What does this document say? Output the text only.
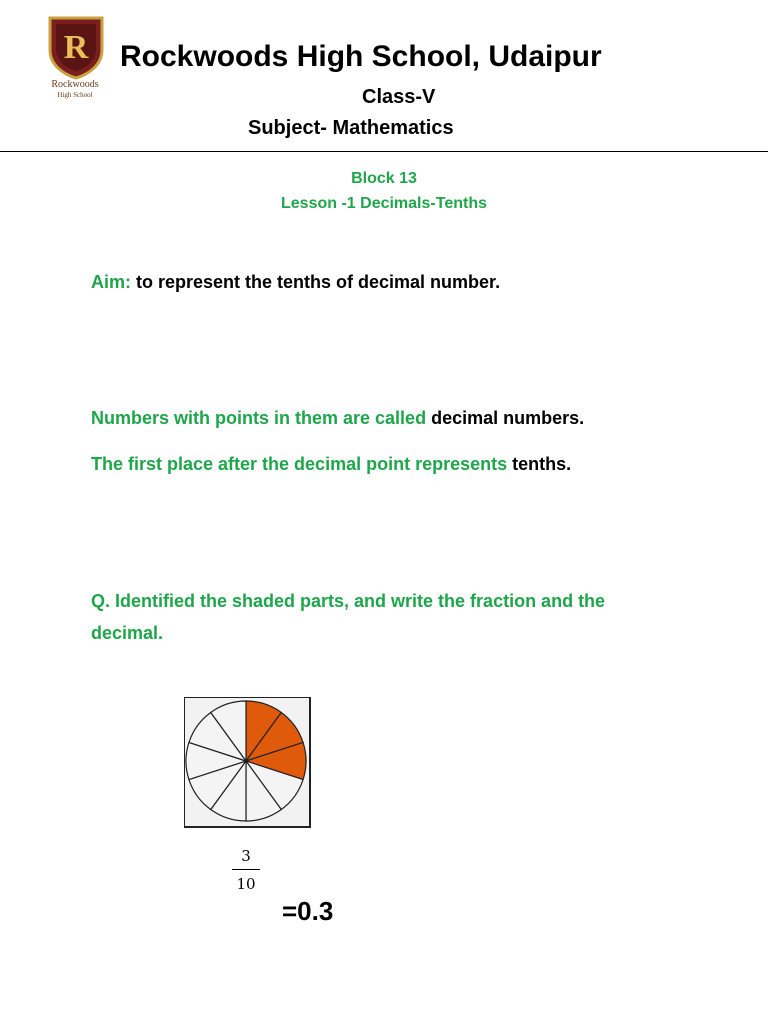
R
Rockwoods
High School
Rockwoods High School, Udaipur
Class-V
Subject- Mathematics
Block 13
Lesson -1 Decimals-Tenths
Aim: to represent the tenths of decimal number.
Numbers with points in them are called decimal numbers.
The first place after the decimal point represents tenths.
Q. Identified the shaded parts, and write the fraction and the
decimal.
3
10
=0.3
